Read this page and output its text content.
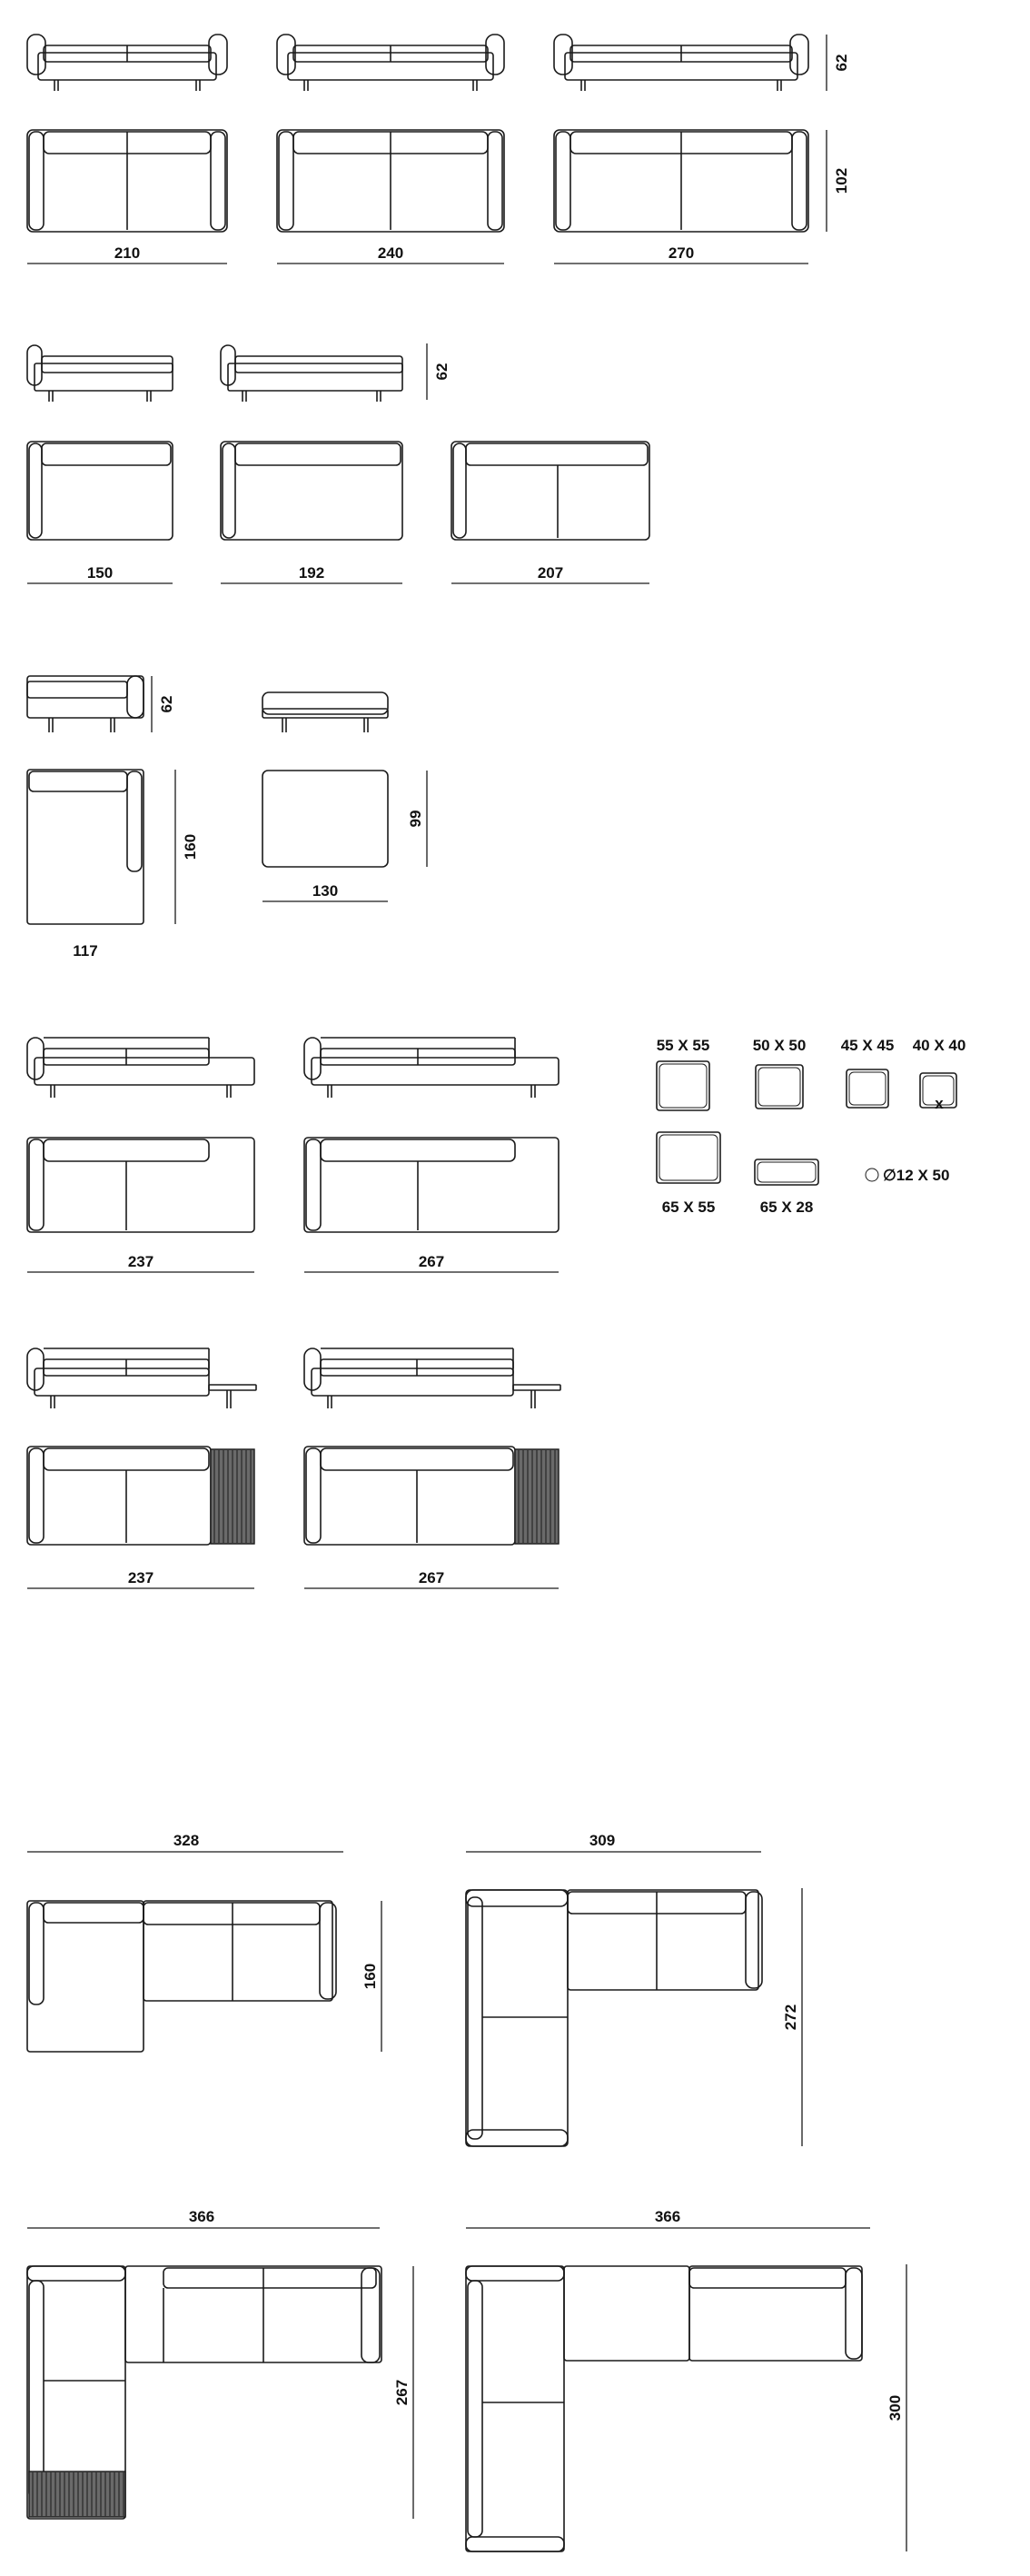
210	240	270
62
102
150	192	207
62
62
160
117
99
130
237	267
55 X 55	50 X 50 45 X 45 40 X 40
x
65 X 55	65 X 28
∅12 X 50
237	267
328
160
309
272
366
267
366
300
